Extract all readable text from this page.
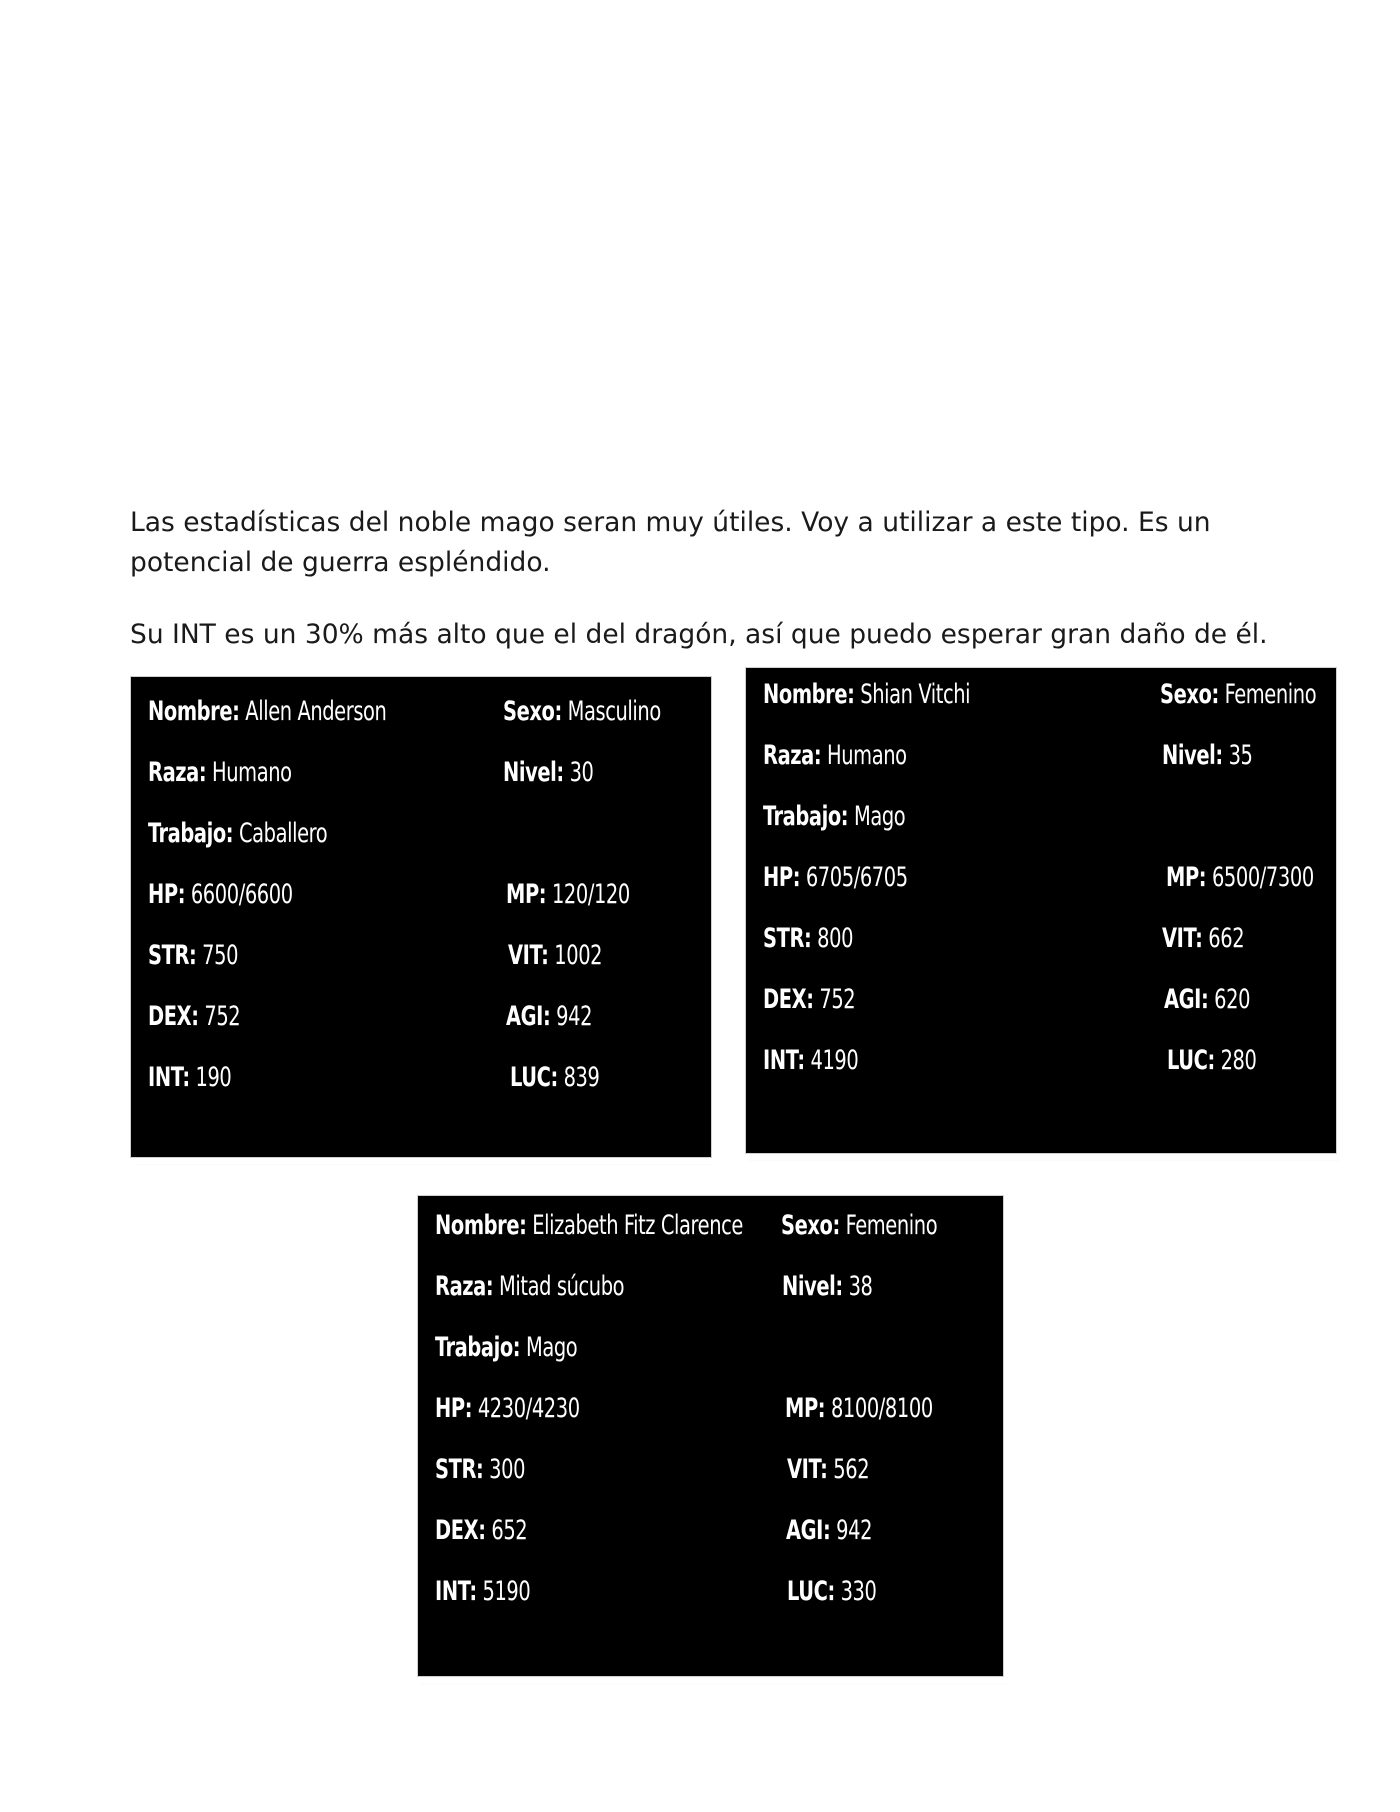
Las estadísticas del noble mago seran muy útiles. Voy a utilizar a este tipo. Es un potencial de guerra espléndido.

Su INT es un 30% más alto que el del dragón, así que puedo esperar gran daño de él.

Nombre: Allen Anderson	Sexo: Masculino
Raza: Humano	Nivel: 30
Trabajo: Caballero
HP: 6600/6600	MP: 120/120
STR: 750	VIT: 1002
DEX: 752	AGI: 942
INT: 190	LUC: 839
Nombre: Shian Vitchi	Sexo: Femenino
Raza: Humano	Nivel: 35
Trabajo: Mago
HP: 6705/6705	MP: 6500/7300
STR: 800	VIT: 662
DEX: 752	AGI: 620
INT: 4190	LUC: 280
Nombre: Elizabeth Fitz Clarence Sexo: Femenino
Raza: Mitad súcubo	Nivel: 38
Trabajo: Mago
HP: 4230/4230	MP: 8100/8100
STR: 300	VIT: 562
DEX: 652	AGI: 942
INT: 5190	LUC: 330
